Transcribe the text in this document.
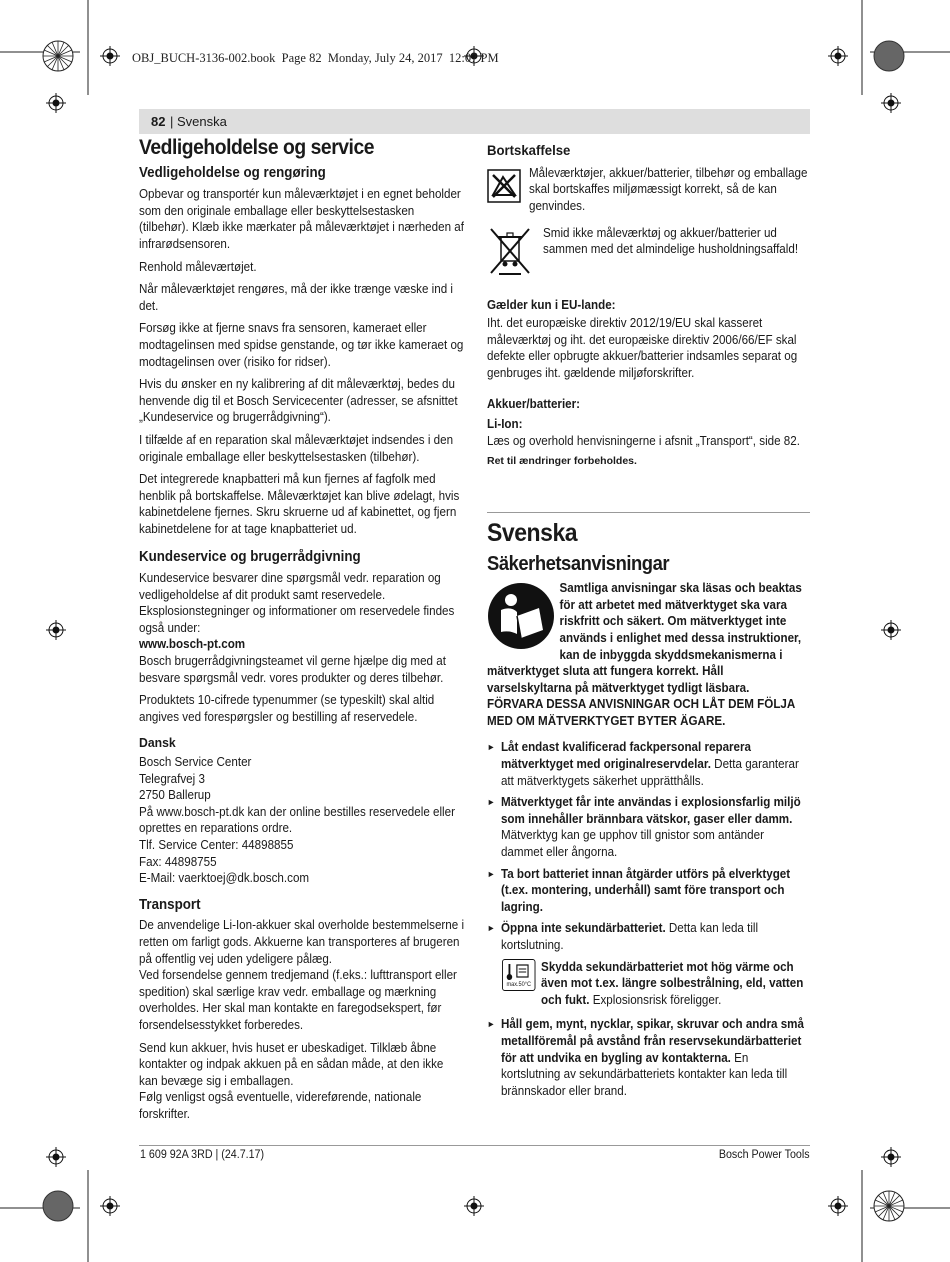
OBJ_BUCH-3136-002.book  Page 82  Monday, July 24, 2017  12:07 PM
82 | Svenska
Vedligeholdelse og service
Vedligeholdelse og rengøring

Opbevar og transportér kun måleværktøjet i en egnet beholder som den originale emballage eller beskyttelsestasken (tilbehør). Klæb ikke mærkater på måleværktøjet i nærheden af infrarødsensoren.

Renhold måleværtøjet.

Når måleværktøjet rengøres, må der ikke trænge væske ind i det.

Forsøg ikke at fjerne snavs fra sensoren, kameraet eller modtagelinsen med spidse genstande, og tør ikke kameraet og modtagelinsen over (risiko for ridser).

Hvis du ønsker en ny kalibrering af dit måleværktøj, bedes du henvende dig til et Bosch Servicecenter (adresser, se afsnittet „Kundeservice og brugerrådgivning“).

I tilfælde af en reparation skal måleværktøjet indsendes i den originale emballage eller beskyttelsestasken (tilbehør).

Det integrerede knapbatteri må kun fjernes af fagfolk med henblik på bortskaffelse. Måleværktøjet kan blive ødelagt, hvis kabinetdelene fjernes. Skru skruerne ud af kabinettet, og fjern kabinetdelene for at tage knapbatteriet ud.

Kundeservice og brugerrådgivning

Kundeservice besvarer dine spørgsmål vedr. reparation og vedligeholdelse af dit produkt samt reservedele. Eksplosionstegninger og informationer om reservedele findes også under:
www.bosch-pt.com

Bosch brugerrådgivningsteamet vil gerne hjælpe dig med at besvare spørgsmål vedr. vores produkter og deres tilbehør.

Produktets 10-cifrede typenummer (se typeskilt) skal altid angives ved forespørgsler og bestilling af reservedele.

Dansk
Bosch Service Center
Telegrafvej 3
2750 Ballerup
På www.bosch-pt.dk kan der online bestilles reservedele eller oprettes en reparations ordre.
Tlf. Service Center: 44898855
Fax: 44898755
E-Mail: vaerktoej@dk.bosch.com
Transport

De anvendelige Li-Ion-akkuer skal overholde bestemmelserne i retten om farligt gods. Akkuerne kan transporteres af brugeren på offentlig vej uden ydeligere pålæg.
Ved forsendelse gennem tredjemand (f.eks.: lufttransport eller spedition) skal særlige krav vedr. emballage og mærkning overholdes. Her skal man kontakte en faregodsekspert, før forsendelsesstykket forberedes.

Send kun akkuer, hvis huset er ubeskadiget. Tilklæb åbne kontakter og indpak akkuen på en sådan måde, at den ikke kan bevæge sig i emballagen.
Følg venligst også eventuelle, videreførende, nationale forskrifter.

Bortskaffelse
Måleværktøjer, akkuer/batterier, tilbehør og emballage skal bortskaffes miljømæssigt korrekt, så de kan genvindes.
Smid ikke måleværktøj og akkuer/batterier ud sammen med det almindelige husholdningsaffald!
Gælder kun i EU-lande:
Iht. det europæiske direktiv 2012/19/EU skal kasseret måleværktøj og iht. det europæiske direktiv 2006/66/EF skal defekte eller opbrugte akkuer/batterier indsamles separat og genbruges iht. gældende miljøforskrifter.
Akkuer/batterier:
Li-Ion:
Læs og overhold henvisningerne i afsnit „Transport“, side 82.
Ret til ændringer forbeholdes.
Svenska
Säkerhetsanvisningar
Samtliga anvisningar ska läsas och beaktas för att arbetet med mätverktyget ska vara riskfritt och säkert. Om mätverktyget inte används i enlighet med dessa instruktioner, kan de inbyggda skyddsmekanismerna i mätverktyget sluta att fungera korrekt. Håll varselskyltarna på mätverktyget tydligt läsbara. FÖRVARA DESSA ANVISNINGAR OCH LÅT DEM FÖLJA MED OM MÄTVERKTYGET BYTER ÄGARE.
► Låt endast kvalificerad fackpersonal reparera mätverktyget med originalreservdelar. Detta garanterar att mätverktygets säkerhet upprätthålls.
► Mätverktyget får inte användas i explosionsfarlig miljö som innehåller brännbara vätskor, gaser eller damm. Mätverktyg kan ge upphov till gnistor som antänder dammet eller ångorna.
► Ta bort batteriet innan åtgärder utförs på elverktyget (t.ex. montering, underhåll) samt före transport och lagring.
► Öppna inte sekundärbatteriet. Detta kan leda till kortslutning.
max.50°C
Skydda sekundärbatteriet mot hög värme och även mot t.ex. längre solbestrålning, eld, vatten och fukt. Explosionsrisk föreligger.
► Håll gem, mynt, nycklar, spikar, skruvar och andra små metallföremål på avstånd från reservsekundärbatteriet för att undvika en bygling av kontakterna. En kortslutning av sekundärbatteriets kontakter kan leda till brännskador eller brand.
1 609 92A 3RD | (24.7.17)	Bosch Power Tools
